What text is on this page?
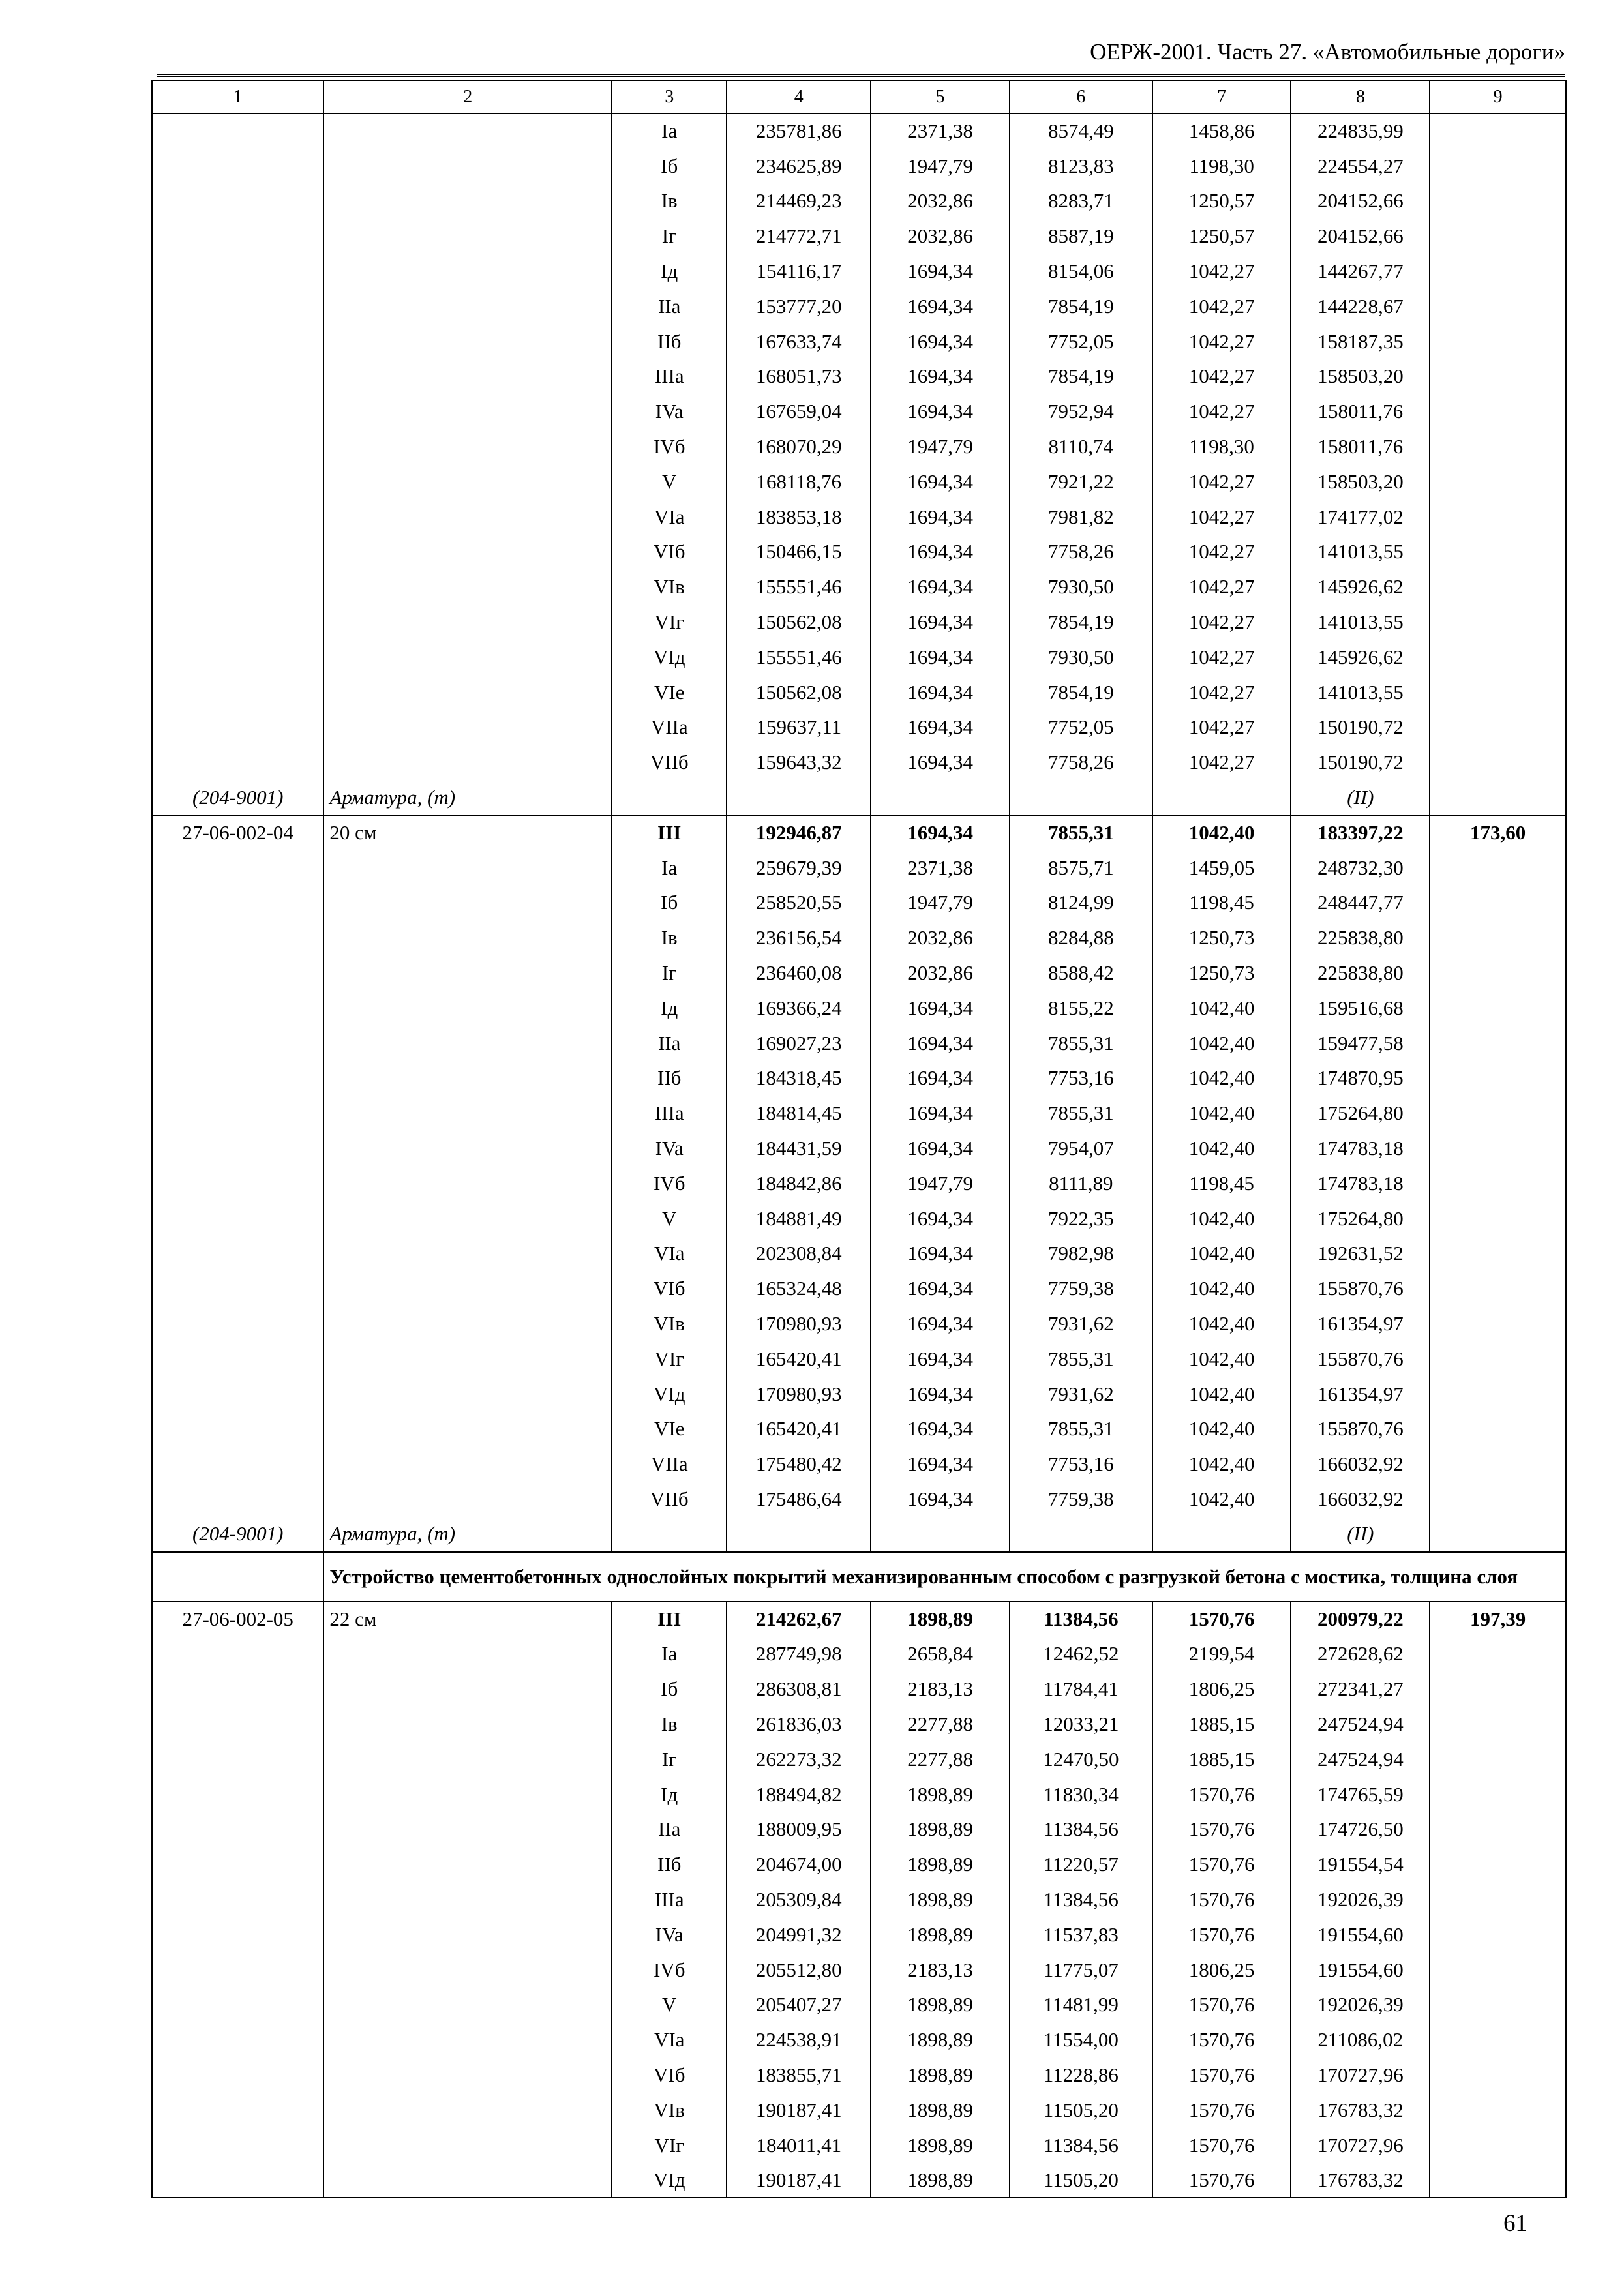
ОЕРЖ-2001. Часть 27. «Автомобильные дороги»
1	2	3	4	5	6	7	8	9
		Ia	235781,86	2371,38	8574,49	1458,86	224835,99	
		Iб	234625,89	1947,79	8123,83	1198,30	224554,27	
		Iв	214469,23	2032,86	8283,71	1250,57	204152,66	
		Iг	214772,71	2032,86	8587,19	1250,57	204152,66	
		Iд	154116,17	1694,34	8154,06	1042,27	144267,77	
		IIa	153777,20	1694,34	7854,19	1042,27	144228,67	
		IIб	167633,74	1694,34	7752,05	1042,27	158187,35	
		IIIa	168051,73	1694,34	7854,19	1042,27	158503,20	
		IVa	167659,04	1694,34	7952,94	1042,27	158011,76	
		IVб	168070,29	1947,79	8110,74	1198,30	158011,76	
		V	168118,76	1694,34	7921,22	1042,27	158503,20	
		VIa	183853,18	1694,34	7981,82	1042,27	174177,02	
		VIб	150466,15	1694,34	7758,26	1042,27	141013,55	
		VIв	155551,46	1694,34	7930,50	1042,27	145926,62	
		VIг	150562,08	1694,34	7854,19	1042,27	141013,55	
		VIд	155551,46	1694,34	7930,50	1042,27	145926,62	
		VIe	150562,08	1694,34	7854,19	1042,27	141013,55	
		VIIa	159637,11	1694,34	7752,05	1042,27	150190,72	
		VIIб	159643,32	1694,34	7758,26	1042,27	150190,72	
(204-9001)	Арматура, (т)						(II)	
27-06-002-04	20 см	III	192946,87	1694,34	7855,31	1042,40	183397,22	173,60
		Ia	259679,39	2371,38	8575,71	1459,05	248732,30	
		Iб	258520,55	1947,79	8124,99	1198,45	248447,77	
		Iв	236156,54	2032,86	8284,88	1250,73	225838,80	
		Iг	236460,08	2032,86	8588,42	1250,73	225838,80	
		Iд	169366,24	1694,34	8155,22	1042,40	159516,68	
		IIa	169027,23	1694,34	7855,31	1042,40	159477,58	
		IIб	184318,45	1694,34	7753,16	1042,40	174870,95	
		IIIa	184814,45	1694,34	7855,31	1042,40	175264,80	
		IVa	184431,59	1694,34	7954,07	1042,40	174783,18	
		IVб	184842,86	1947,79	8111,89	1198,45	174783,18	
		V	184881,49	1694,34	7922,35	1042,40	175264,80	
		VIa	202308,84	1694,34	7982,98	1042,40	192631,52	
		VIб	165324,48	1694,34	7759,38	1042,40	155870,76	
		VIв	170980,93	1694,34	7931,62	1042,40	161354,97	
		VIг	165420,41	1694,34	7855,31	1042,40	155870,76	
		VIд	170980,93	1694,34	7931,62	1042,40	161354,97	
		VIe	165420,41	1694,34	7855,31	1042,40	155870,76	
		VIIa	175480,42	1694,34	7753,16	1042,40	166032,92	
		VIIб	175486,64	1694,34	7759,38	1042,40	166032,92	
(204-9001)	Арматура, (т)						(II)	
	Устройство цементобетонных однослойных покрытий механизированным способом с разгрузкой бетона с мостика, толщина слоя							
27-06-002-05	22 см	III	214262,67	1898,89	11384,56	1570,76	200979,22	197,39
		Ia	287749,98	2658,84	12462,52	2199,54	272628,62	
		Iб	286308,81	2183,13	11784,41	1806,25	272341,27	
		Iв	261836,03	2277,88	12033,21	1885,15	247524,94	
		Iг	262273,32	2277,88	12470,50	1885,15	247524,94	
		Iд	188494,82	1898,89	11830,34	1570,76	174765,59	
		IIa	188009,95	1898,89	11384,56	1570,76	174726,50	
		IIб	204674,00	1898,89	11220,57	1570,76	191554,54	
		IIIa	205309,84	1898,89	11384,56	1570,76	192026,39	
		IVa	204991,32	1898,89	11537,83	1570,76	191554,60	
		IVб	205512,80	2183,13	11775,07	1806,25	191554,60	
		V	205407,27	1898,89	11481,99	1570,76	192026,39	
		VIa	224538,91	1898,89	11554,00	1570,76	211086,02	
		VIб	183855,71	1898,89	11228,86	1570,76	170727,96	
		VIв	190187,41	1898,89	11505,20	1570,76	176783,32	
		VIг	184011,41	1898,89	11384,56	1570,76	170727,96	
		VIд	190187,41	1898,89	11505,20	1570,76	176783,32	
61
